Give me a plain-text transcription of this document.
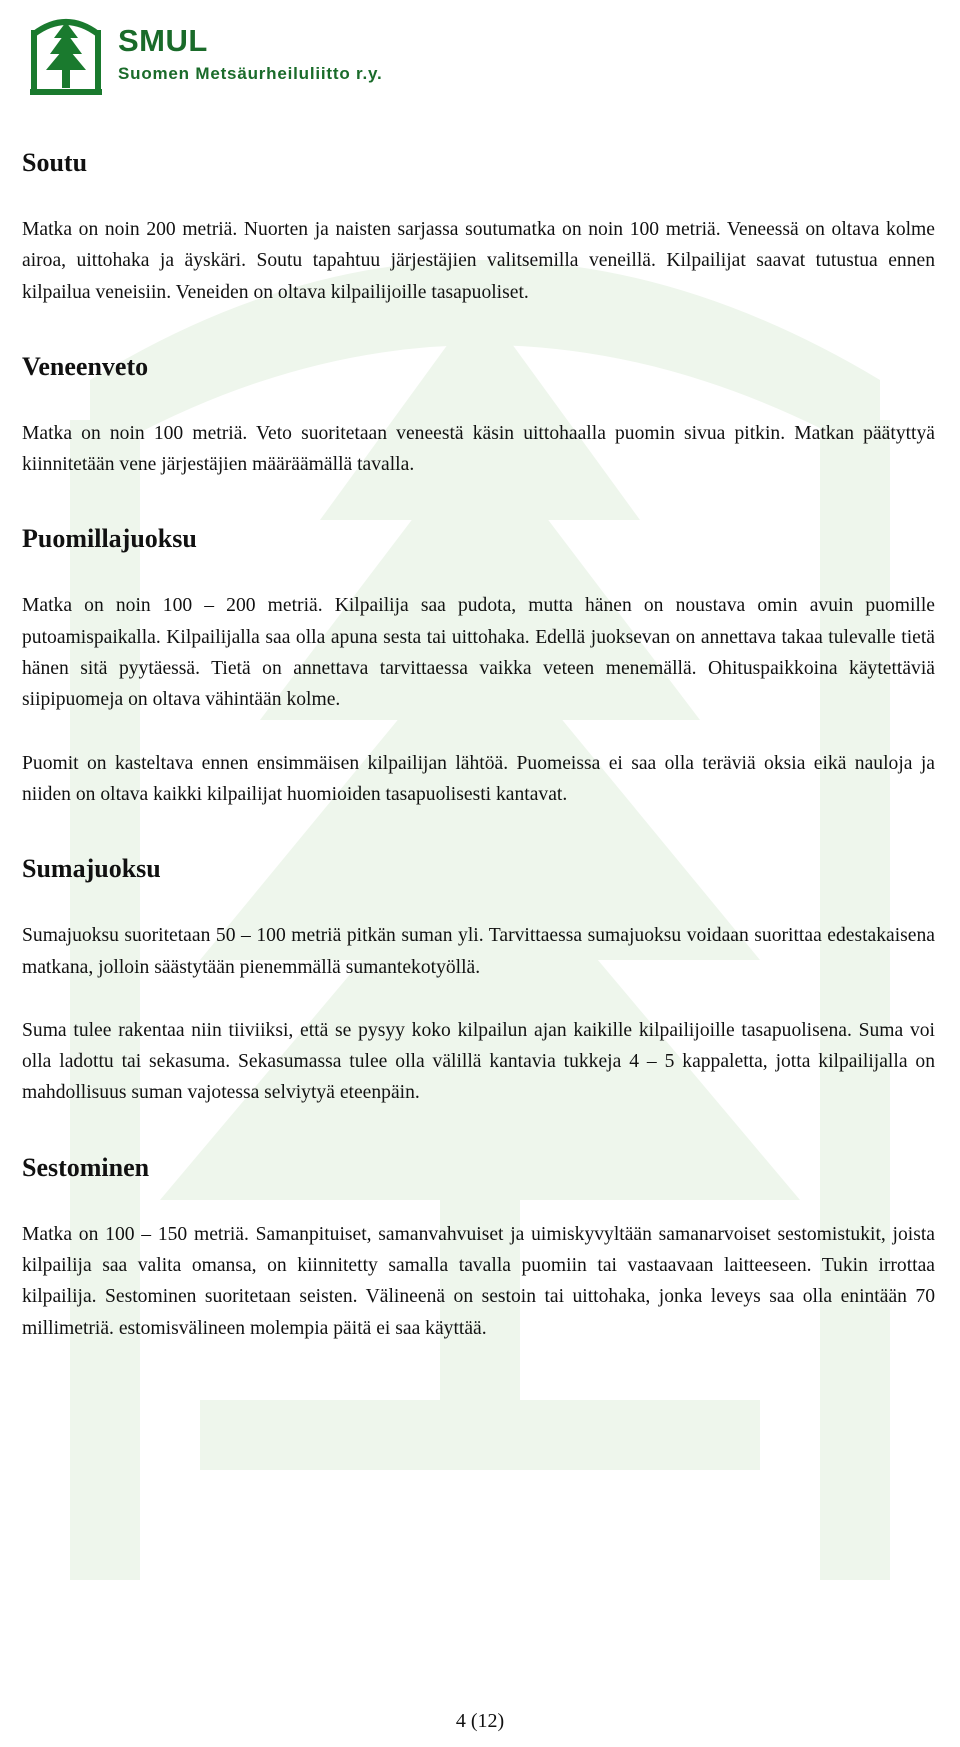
SMUL
Suomen Metsäurheiluliitto r.y.
Soutu

Matka on noin 200 metriä. Nuorten ja naisten sarjassa soutumatka on noin 100 metriä. Veneessä on oltava kolme airoa, uittohaka ja äyskäri. Soutu tapahtuu järjestäjien valitsemilla veneillä. Kilpailijat saavat tutustua ennen kilpailua veneisiin. Veneiden on oltava kilpailijoille tasapuoliset.

Veneenveto

Matka on noin 100 metriä. Veto suoritetaan veneestä käsin uittohaalla puomin sivua pitkin. Matkan päätyttyä kiinnitetään vene järjestäjien määräämällä tavalla.

Puomillajuoksu

Matka on noin 100 – 200 metriä. Kilpailija saa pudota, mutta hänen on noustava omin avuin puomille putoamispaikalla. Kilpailijalla saa olla apuna sesta tai uittohaka. Edellä juoksevan on annettava takaa tulevalle tietä hänen sitä pyytäessä. Tietä on annettava tarvittaessa vaikka veteen menemällä. Ohituspaikkoina käytettäviä siipipuomeja on oltava vähintään kolme.

Puomit on kasteltava ennen ensimmäisen kilpailijan lähtöä. Puomeissa ei saa olla teräviä oksia eikä nauloja ja niiden on oltava kaikki kilpailijat huomioiden tasapuolisesti kantavat.

Sumajuoksu

Sumajuoksu suoritetaan 50 – 100 metriä pitkän suman yli. Tarvittaessa sumajuoksu voidaan suorittaa edestakaisena matkana, jolloin säästytään pienemmällä sumantekotyöllä.

Suma tulee rakentaa niin tiiviiksi, että se pysyy koko kilpailun ajan kaikille kilpailijoille tasapuolisena. Suma voi olla ladottu tai sekasuma. Sekasumassa tulee olla välillä kantavia tukkeja 4 – 5 kappaletta, jotta kilpailijalla on mahdollisuus suman vajotessa selviytyä eteenpäin.

Sestominen

Matka on 100 – 150 metriä. Samanpituiset, samanvahvuiset ja uimiskyvyltään samanarvoiset sestomistukit, joista kilpailija saa valita omansa, on kiinnitetty samalla tavalla puomiin tai vastaavaan laitteeseen. Tukin irrottaa kilpailija. Sestominen suoritetaan seisten. Välineenä on sestoin tai uittohaka, jonka leveys saa olla enintään 70 millimetriä. estomisvälineen molempia päitä ei saa käyttää.

4 (12)
